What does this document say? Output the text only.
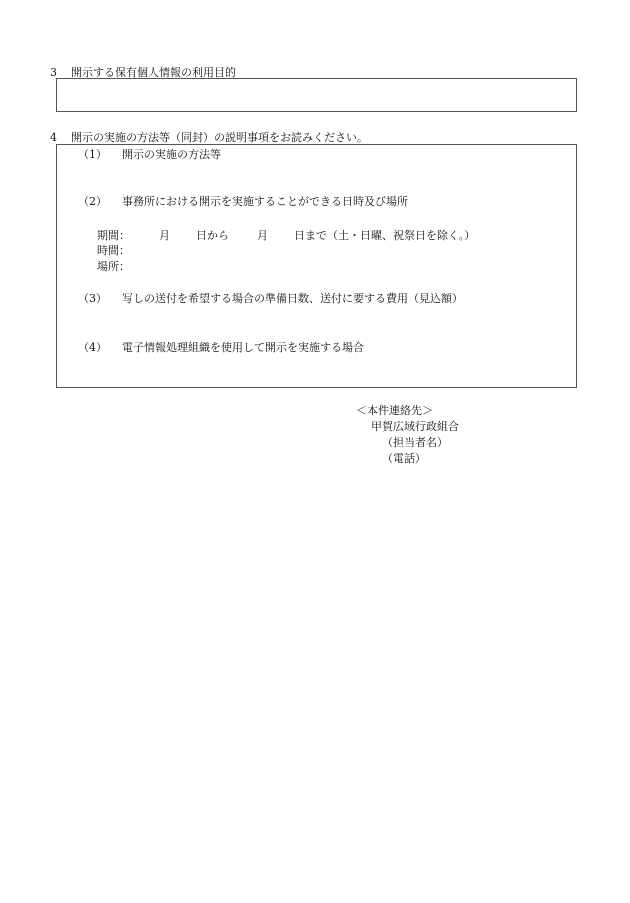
3 開示する保有個人情報の利用目的
4 開示の実施の方法等（同封）の説明事項をお読みください。
（1） 開示の実施の方法等
（2） 事務所における開示を実施することができる日時及び場所
期間：	月 日から	月 日まで（土・日曜、祝祭日を除く。）
時間：
場所：
（3） 写しの送付を希望する場合の準備日数、送付に要する費用（見込額）
（4） 電子情報処理組織を使用して開示を実施する場合
＜本件連絡先＞
甲賀広域行政組合
（担当者名）
（電話）
